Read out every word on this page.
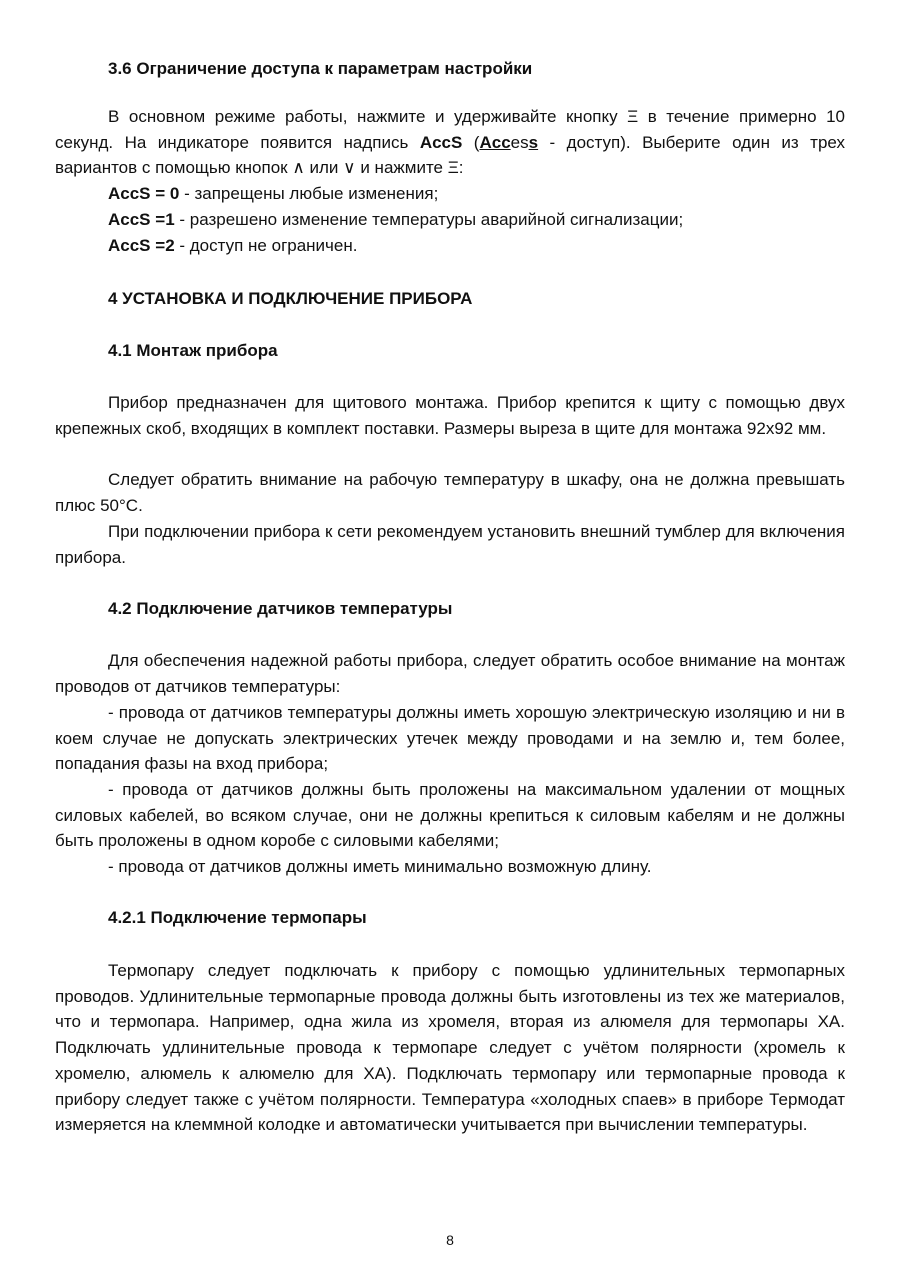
3.6 Ограничение доступа к параметрам настройки
В основном режиме работы, нажмите и удерживайте кнопку Ξ в течение примерно 10 секунд. На индикаторе появится надпись AccS (Access - доступ). Выберите один из трех вариантов с помощью кнопок ∧ или ∨ и нажмите Ξ:
AccS = 0 - запрещены любые изменения;
AccS =1 - разрешено изменение температуры аварийной сигнализации;
AccS =2 - доступ не ограничен.
4 УСТАНОВКА И ПОДКЛЮЧЕНИЕ ПРИБОРА
4.1 Монтаж прибора
Прибор предназначен для щитового монтажа. Прибор крепится к щиту с помощью двух крепежных скоб, входящих в комплект поставки. Размеры выреза в щите для монтажа 92х92 мм.
Следует обратить внимание на рабочую температуру в шкафу, она не должна превышать плюс 50°С.
При подключении прибора к сети рекомендуем установить внешний тумблер для включения прибора.
4.2 Подключение датчиков температуры
Для обеспечения надежной работы прибора, следует обратить особое внимание на монтаж проводов от датчиков температуры:
- провода от датчиков температуры должны иметь хорошую электрическую изоляцию и ни в коем случае не допускать электрических утечек между проводами и на землю и, тем более, попадания фазы на вход прибора;
- провода от датчиков должны быть проложены на максимальном удалении от мощных силовых кабелей, во всяком случае, они не должны крепиться к силовым кабелям и не должны быть проложены в одном коробе с силовыми кабелями;
- провода от датчиков должны иметь минимально возможную длину.
4.2.1 Подключение термопары
Термопару следует подключать к прибору с помощью удлинительных термопарных проводов. Удлинительные термопарные провода должны быть изготовлены из тех же материалов, что и термопара. Например, одна жила из хромеля, вторая из алюмеля для термопары ХА. Подключать удлинительные провода к термопаре следует с учётом полярности (хромель к хромелю, алюмель к алюмелю для ХА). Подключать термопару или термопарные провода к прибору следует также с учётом полярности. Температура «холодных спаев» в приборе Термодат измеряется на клеммной колодке и автоматически учитывается при вычислении температуры.
8
